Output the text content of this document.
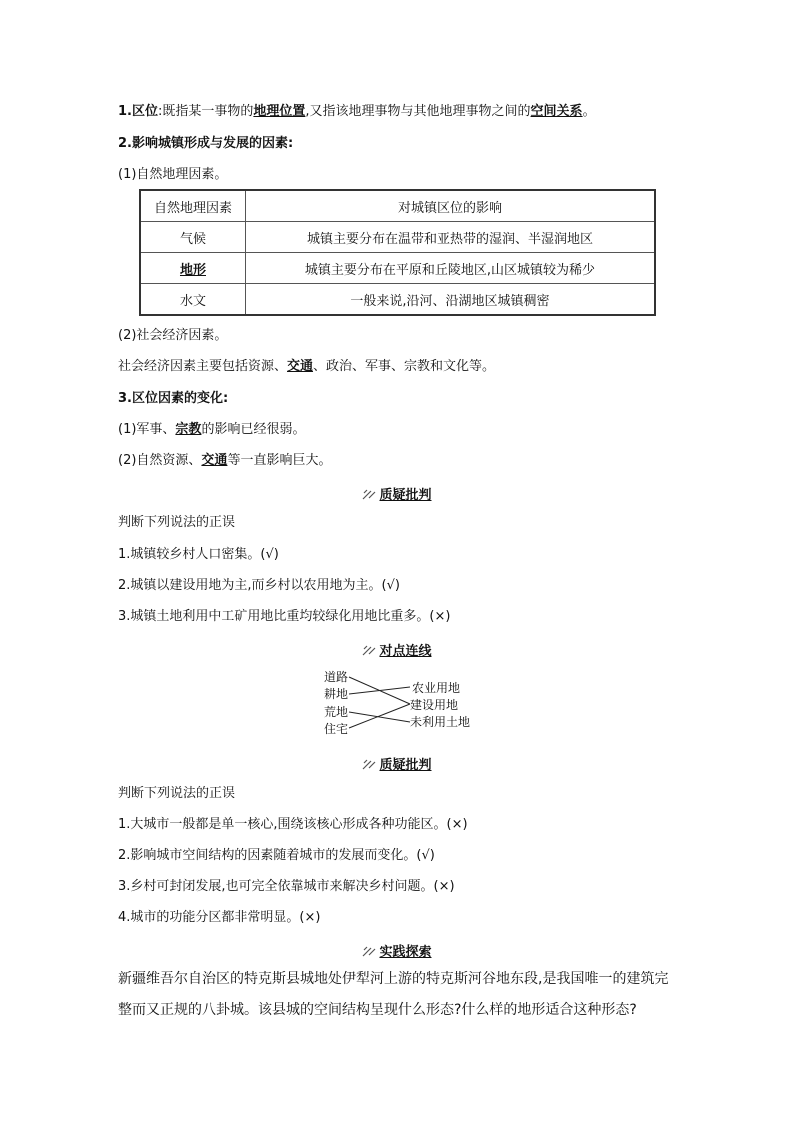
1.区位:既指某一事物的地理位置,又指该地理事物与其他地理事物之间的空间关系。
2.影响城镇形成与发展的因素:
(1)自然地理因素。
自然地理因素	对城镇区位的影响
气候	城镇主要分布在温带和亚热带的湿润、半湿润地区
地形	城镇主要分布在平原和丘陵地区,山区城镇较为稀少
水文	一般来说,沿河、沿湖地区城镇稠密
(2)社会经济因素。
社会经济因素主要包括资源、交通、政治、军事、宗教和文化等。
3.区位因素的变化:
(1)军事、宗教的影响已经很弱。
(2)自然资源、交通等一直影响巨大。
质疑批判
判断下列说法的正误
1.城镇较乡村人口密集。(√)
2.城镇以建设用地为主,而乡村以农用地为主。(√)
3.城镇土地利用中工矿用地比重均较绿化用地比重多。(×)
对点连线
道路
耕地
荒地
住宅
农业用地
建设用地
未利用土地
质疑批判
判断下列说法的正误
1.大城市一般都是单一核心,围绕该核心形成各种功能区。(×)
2.影响城市空间结构的因素随着城市的发展而变化。(√)
3.乡村可封闭发展,也可完全依靠城市来解决乡村问题。(×)
4.城市的功能分区都非常明显。(×)
实践探索
新疆维吾尔自治区的特克斯县城地处伊犁河上游的特克斯河谷地东段,是我国唯一的建筑完整而又正规的八卦城。该县城的空间结构呈现什么形态?什么样的地形适合这种形态?
